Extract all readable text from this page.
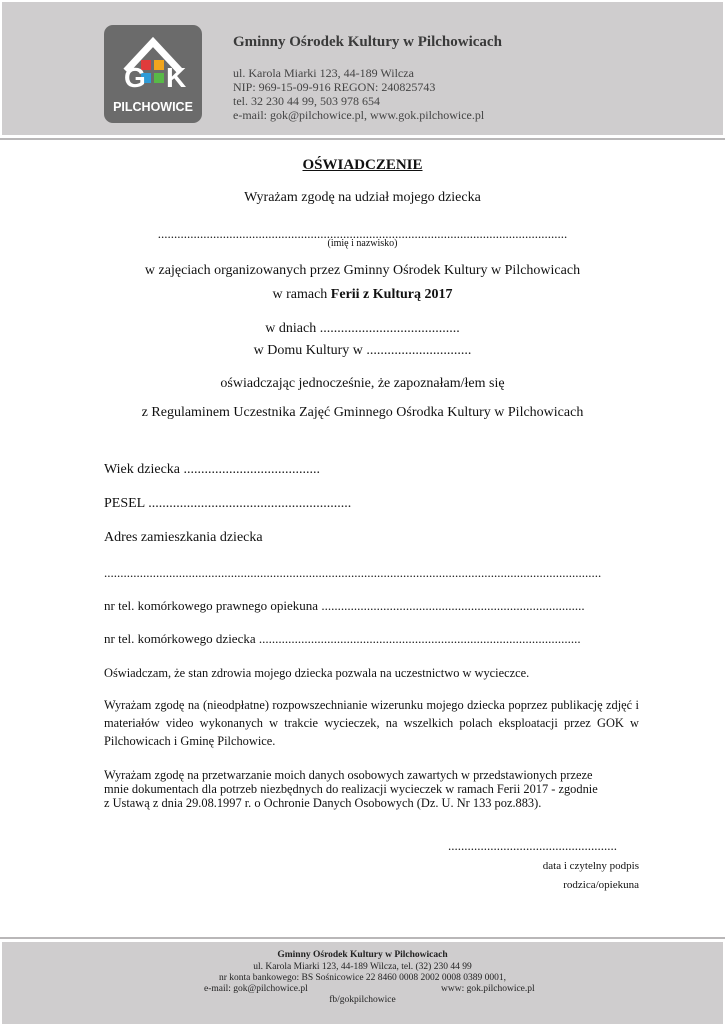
G K
PILCHOWICE
Gminny Ośrodek Kultury w Pilchowicach
ul. Karola Miarki 123, 44-189 Wilcza
NIP: 969-15-09-916 REGON: 240825743
tel. 32 230 44 99, 503 978 654
e-mail: gok@pilchowice.pl, www.gok.pilchowice.pl
OŚWIADCZENIE
Wyrażam zgodę na udział mojego dziecka
..............................................................................................................................
(imię i nazwisko)
w zajęciach organizowanych przez Gminny Ośrodek Kultury w Pilchowicach
w ramach Ferii z Kulturą 2017
w dniach ........................................
w Domu Kultury w ..............................
oświadczając jednocześnie, że zapoznałam/łem się
z Regulaminem Uczestnika Zajęć Gminnego Ośrodka Kultury w Pilchowicach
Wiek dziecka .......................................
PESEL ..........................................................
Adres zamieszkania dziecka
.........................................................................................................................................................
nr tel. komórkowego prawnego opiekuna .................................................................................
nr tel. komórkowego dziecka ...................................................................................................
Oświadczam, że stan zdrowia mojego dziecka pozwala na uczestnictwo w wycieczce.
Wyrażam zgodę na (nieodpłatne) rozpowszechnianie wizerunku mojego dziecka poprzez publikację zdjęć i materiałów video wykonanych w trakcie wycieczek, na wszelkich polach eksploatacji przez GOK w Pilchowicach i Gminę Pilchowice.
Wyrażam zgodę na przetwarzanie moich danych osobowych zawartych w przedstawionych przeze
mnie dokumentach dla potrzeb niezbędnych do realizacji wycieczek w ramach Ferii 2017 - zgodnie
z Ustawą z dnia 29.08.1997 r. o Ochronie Danych Osobowych (Dz. U. Nr 133 poz.883).
....................................................
data i czytelny podpis
rodzica/opiekuna
Gminny Ośrodek Kultury w Pilchowicach
ul. Karola Miarki 123, 44-189 Wilcza, tel. (32) 230 44 99
nr konta bankowego: BS Sośnicowice 22 8460 0008 2002 0008 0389 0001,
e-mail: gok@pilchowice.pl	www: gok.pilchowice.pl
fb/gokpilchowice
